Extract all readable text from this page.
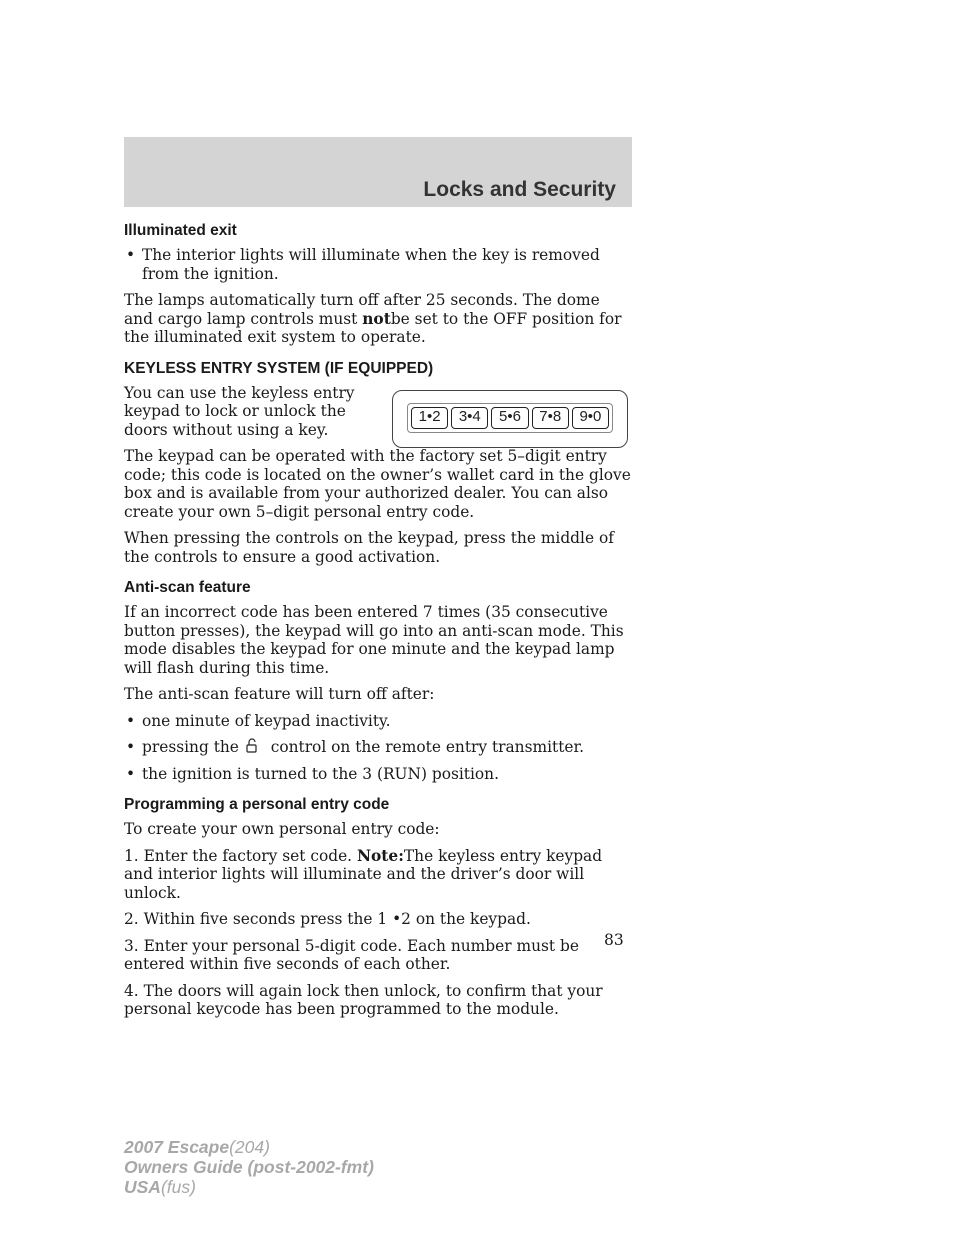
Locks and Security
Illuminated exit
• The interior lights will illuminate when the key is removed from the ignition.

The lamps automatically turn off after 25 seconds. The dome and cargo lamp controls must notbe set to the OFF position for the illuminated exit system to operate.

KEYLESS ENTRY SYSTEM (IF EQUIPPED)
1•2	3•4	5•6	7•8	9•0

You can use the keyless entry keypad to lock or unlock the doors without using a key.

The keypad can be operated with the factory set 5–digit entry code; this code is located on the owner’s wallet card in the glove box and is available from your authorized dealer. You can also create your own 5–digit personal entry code.

When pressing the controls on the keypad, press the middle of the controls to ensure a good activation.

Anti-scan feature

If an incorrect code has been entered 7 times (35 consecutive button presses), the keypad will go into an anti-scan mode. This mode disables the keypad for one minute and the keypad lamp will flash during this time.

The anti-scan feature will turn off after:

• one minute of keypad inactivity.
• pressing the control on the remote entry transmitter.
• the ignition is turned to the 3 (RUN) position.
Programming a personal entry code

To create your own personal entry code:

1. Enter the factory set code. Note:The keyless entry keypad and interior lights will illuminate and the driver’s door will unlock.

2. Within five seconds press the 1 •2 on the keypad.

3. Enter your personal 5-digit code. Each number must be entered within five seconds of each other.

4. The doors will again lock then unlock, to confirm that your personal keycode has been programmed to the module.

83
2007 Escape(204)
Owners Guide (post-2002-fmt)
USA(fus)
